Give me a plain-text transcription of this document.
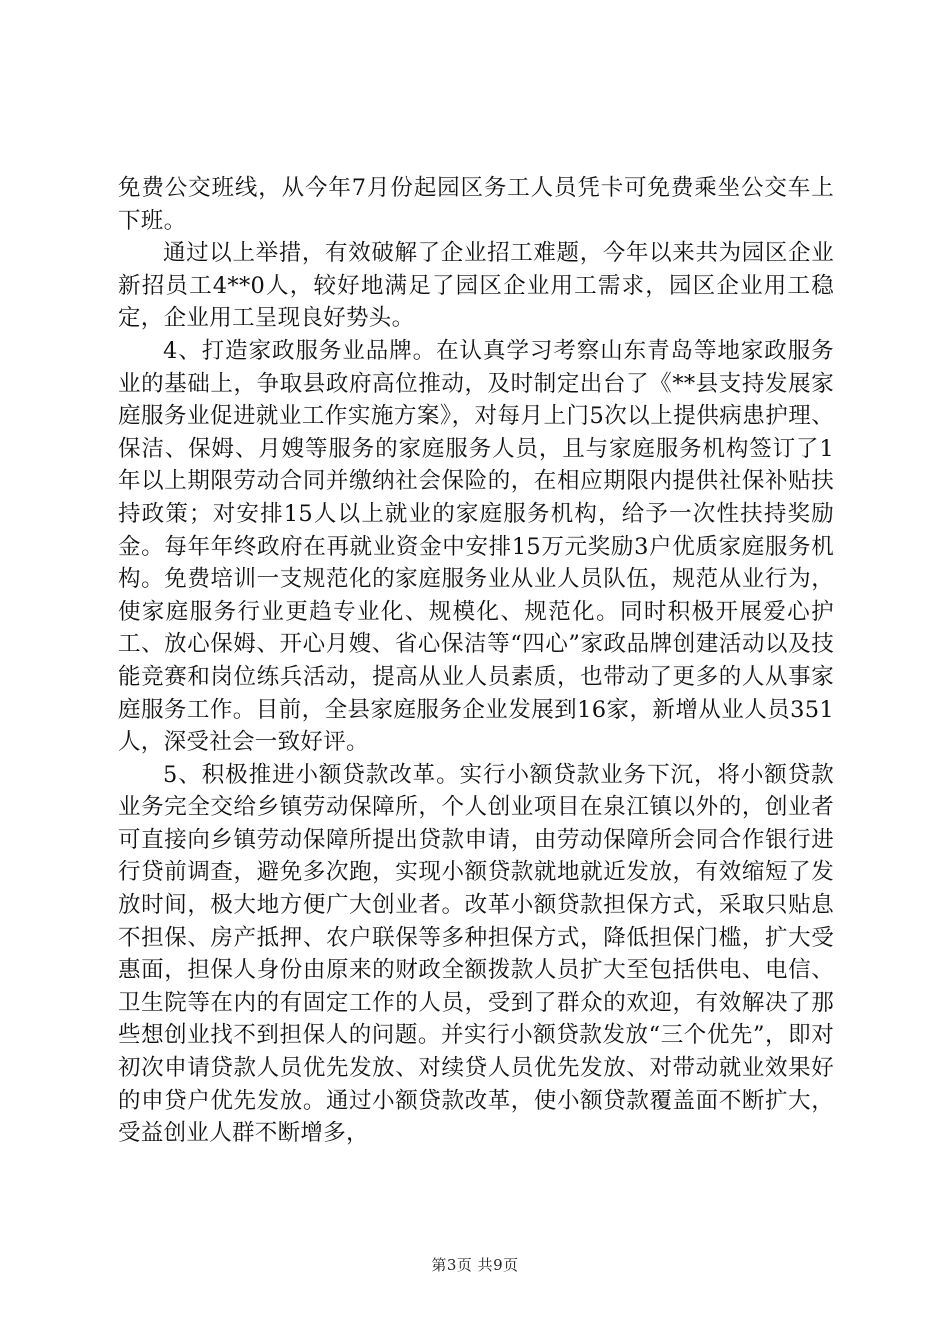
免费公交班线，从今年7月份起园区务工人员凭卡可免费乘坐公交车上下班。

通过以上举措，有效破解了企业招工难题，今年以来共为园区企业新招员工4**0人，较好地满足了园区企业用工需求，园区企业用工稳定，企业用工呈现良好势头。

4、打造家政服务业品牌。在认真学习考察山东青岛等地家政服务业的基础上，争取县政府高位推动，及时制定出台了《**县支持发展家庭服务业促进就业工作实施方案》，对每月上门5次以上提供病患护理、保洁、保姆、月嫂等服务的家庭服务人员，且与家庭服务机构签订了1年以上期限劳动合同并缴纳社会保险的，在相应期限内提供社保补贴扶持政策；对安排15人以上就业的家庭服务机构，给予一次性扶持奖励金。每年年终政府在再就业资金中安排15万元奖励3户优质家庭服务机构。免费培训一支规范化的家庭服务业从业人员队伍，规范从业行为，使家庭服务行业更趋专业化、规模化、规范化。同时积极开展爱心护工、放心保姆、开心月嫂、省心保洁等“四心”家政品牌创建活动以及技能竞赛和岗位练兵活动，提高从业人员素质，也带动了更多的人从事家庭服务工作。目前，全县家庭服务企业发展到16家，新增从业人员351人，深受社会一致好评。

5、积极推进小额贷款改革。实行小额贷款业务下沉，将小额贷款业务完全交给乡镇劳动保障所，个人创业项目在泉江镇以外的，创业者可直接向乡镇劳动保障所提出贷款申请，由劳动保障所会同合作银行进行贷前调查，避免多次跑，实现小额贷款就地就近发放，有效缩短了发放时间，极大地方便广大创业者。改革小额贷款担保方式，采取只贴息不担保、房产抵押、农户联保等多种担保方式，降低担保门槛，扩大受惠面，担保人身份由原来的财政全额拨款人员扩大至包括供电、电信、卫生院等在内的有固定工作的人员，受到了群众的欢迎，有效解决了那些想创业找不到担保人的问题。并实行小额贷款发放“三个优先”，即对初次申请贷款人员优先发放、对续贷人员优先发放、对带动就业效果好的申贷户优先发放。通过小额贷款改革，使小额贷款覆盖面不断扩大，受益创业人群不断增多，

第3页 共9页
